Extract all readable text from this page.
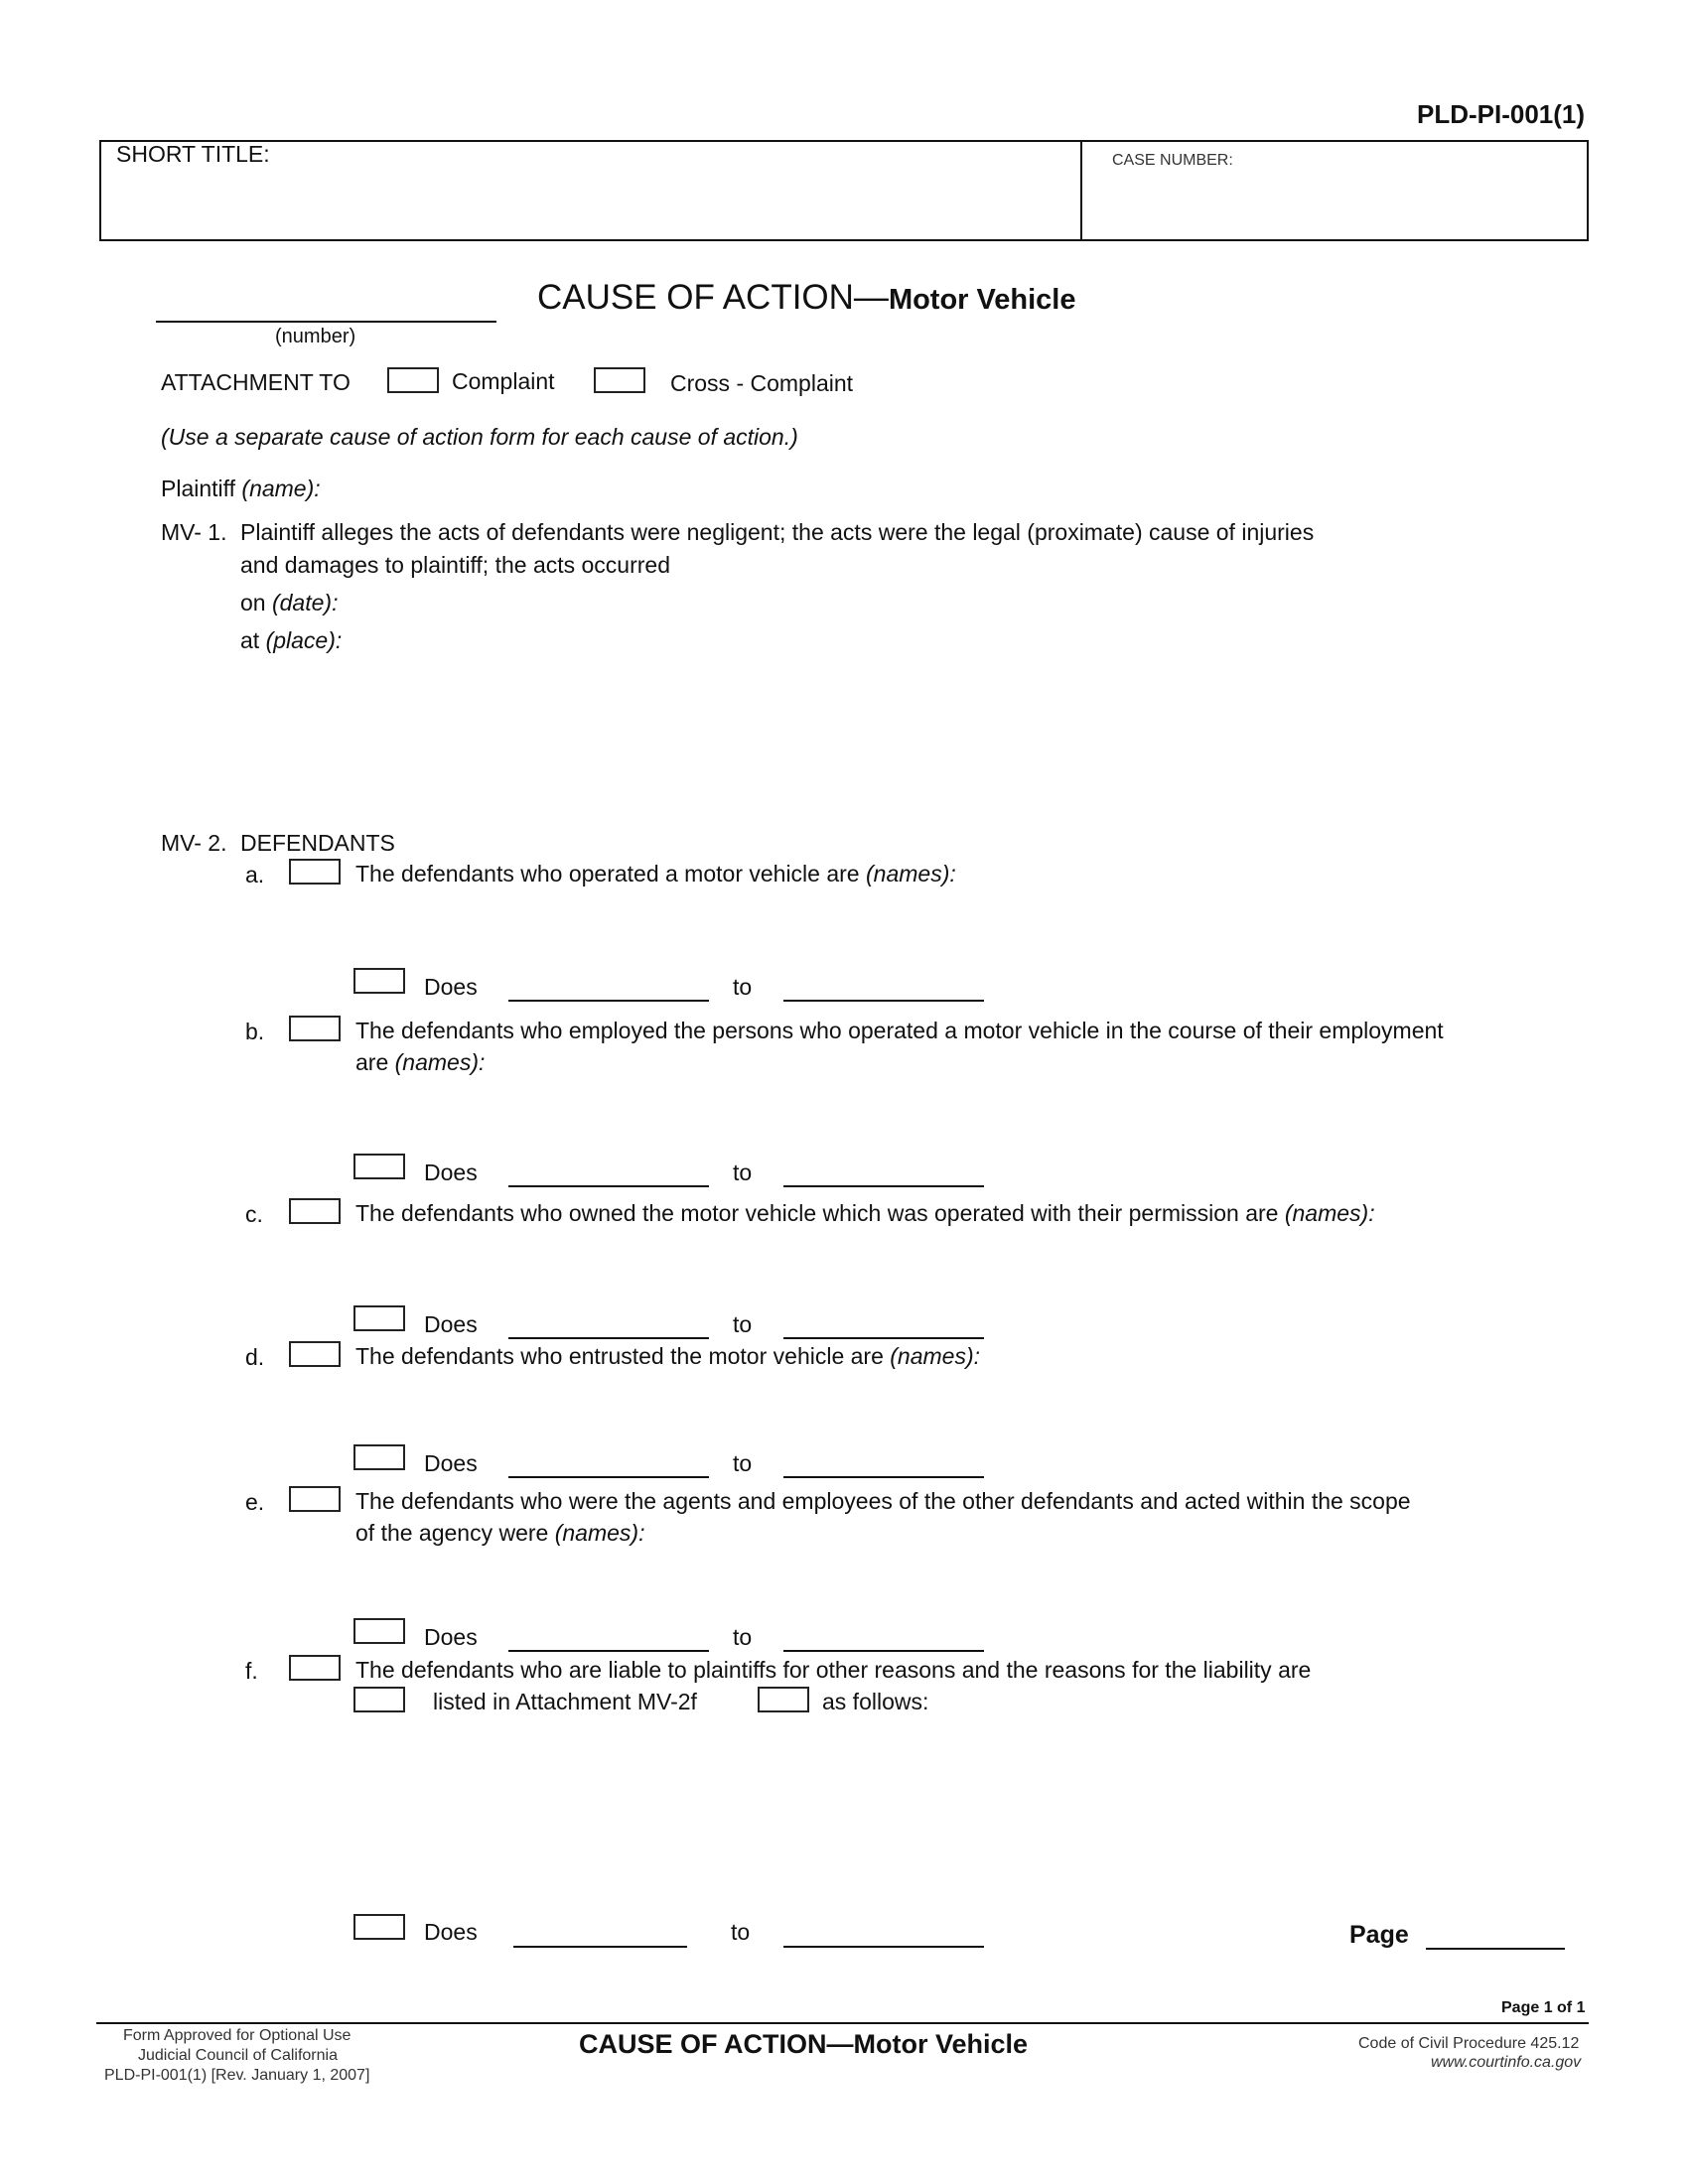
PLD-PI-001(1)
SHORT TITLE:	CASE NUMBER:
(number)
CAUSE OF ACTION—Motor Vehicle
ATTACHMENT TO	Complaint	Cross - Complaint
(Use a separate cause of action form for each cause of action.)
Plaintiff (name):
MV- 1. Plaintiff alleges the acts of defendants were negligent; the acts were the legal (proximate) cause of injuries
and damages to plaintiff; the acts occurred
on (date):
at (place):
MV- 2. DEFENDANTS
a.	The defendants who operated a motor vehicle are (names):
Does	to
b.	The defendants who employed the persons who operated a motor vehicle in the course of their employment
are (names):
Does	to
c.	The defendants who owned the motor vehicle which was operated with their permission are (names):
Does	to
d.	The defendants who entrusted the motor vehicle are (names):
Does	to
e.	The defendants who were the agents and employees of the other defendants and acted within the scope
of the agency were (names):
Does	to
f.	The defendants who are liable to plaintiffs for other reasons and the reasons for the liability are
listed in Attachment MV-2f	as follows:
Does	to	Page
Page 1 of 1
Form Approved for Optional Use
Judicial Council of California
PLD-PI-001(1) [Rev. January 1, 2007]
CAUSE OF ACTION—Motor Vehicle	Code of Civil Procedure 425.12
www.courtinfo.ca.gov
